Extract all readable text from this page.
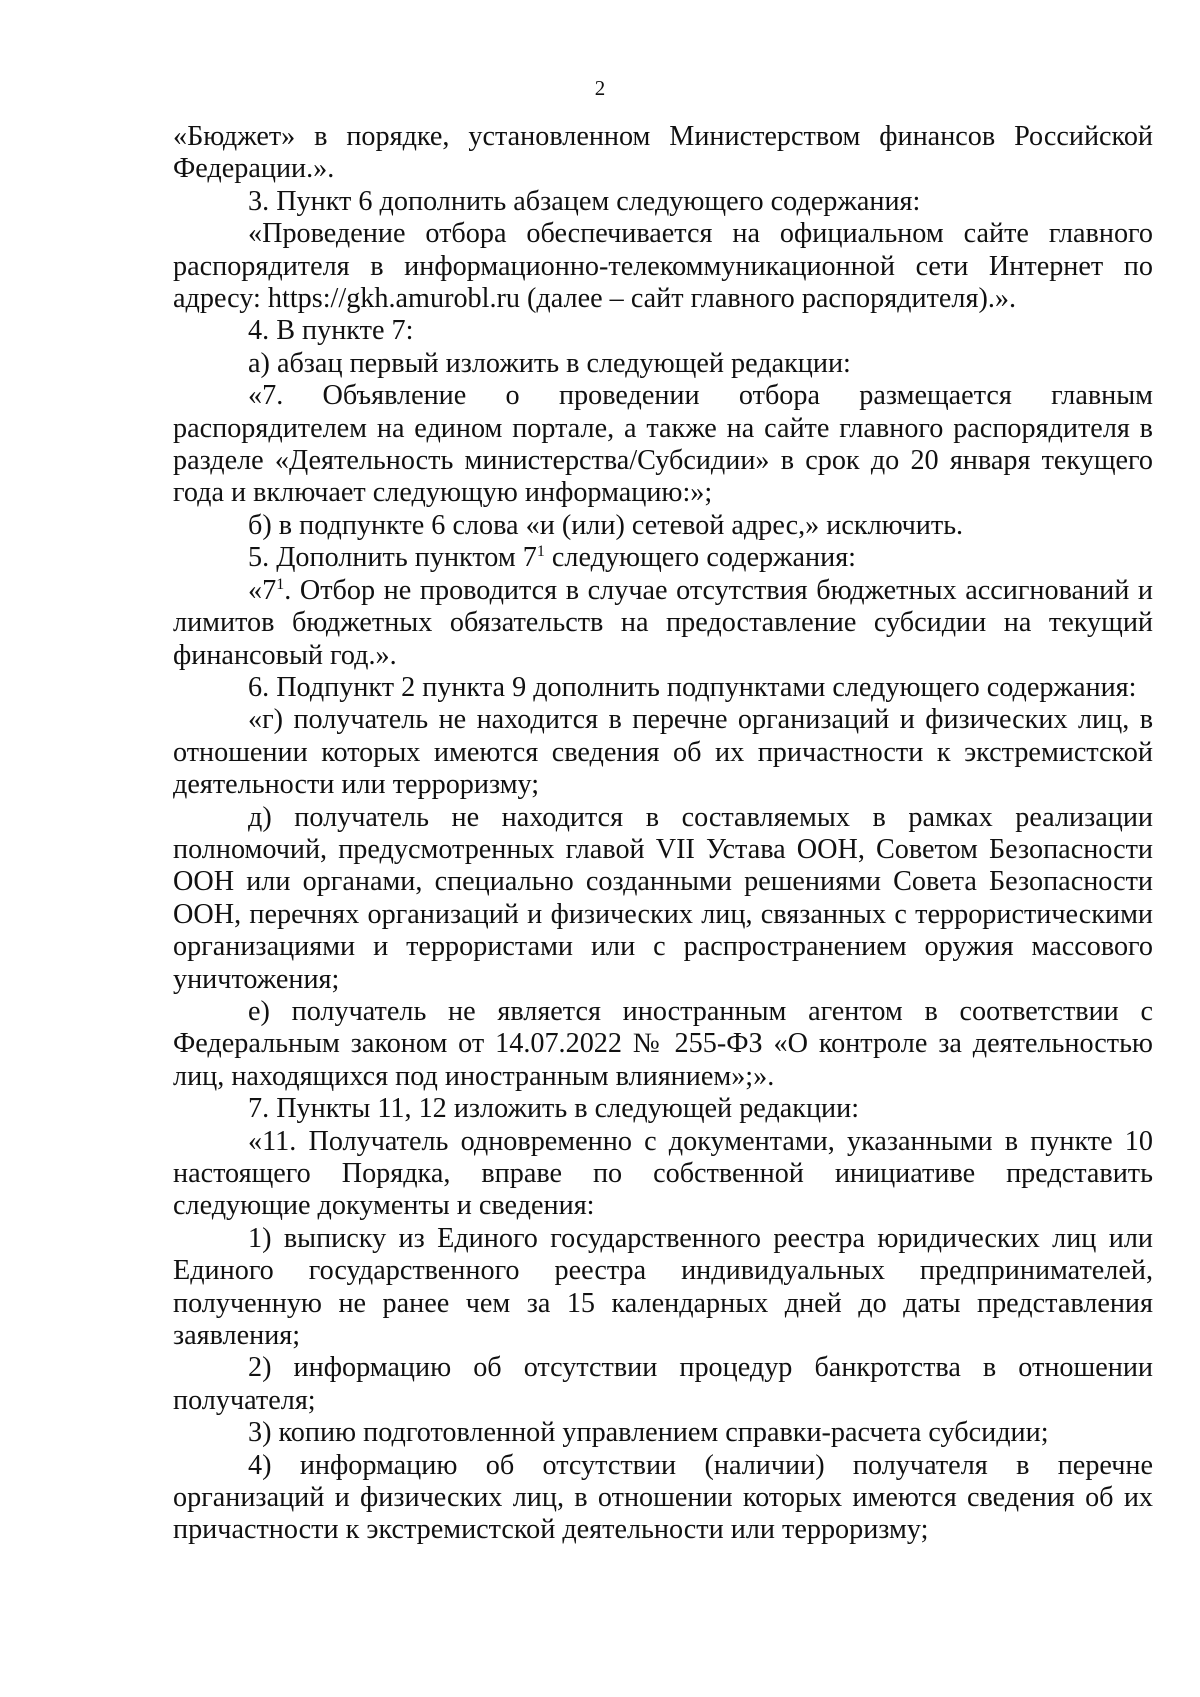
2

«Бюджет» в порядке, установленном Министерством финансов Российской Федерации.».

3. Пункт 6 дополнить абзацем следующего содержания:

«Проведение отбора обеспечивается на официальном сайте главного распорядителя в информационно-телекоммуникационной сети Интернет по адресу: https://gkh.amurobl.ru (далее – сайт главного распорядителя).».

4. В пункте 7:

а) абзац первый изложить в следующей редакции:

«7. Объявление о проведении отбора размещается главным распорядителем на едином портале, а также на сайте главного распорядителя в разделе «Деятельность министерства/Субсидии» в срок до 20 января текущего года и включает следующую информацию:»;

б) в подпункте 6 слова «и (или) сетевой адрес,» исключить.

5. Дополнить пунктом $7^1$ следующего содержания:

«$7^1$. Отбор не проводится в случае отсутствия бюджетных ассигнований и лимитов бюджетных обязательств на предоставление субсидии на текущий финансовый год.».

6. Подпункт 2 пункта 9 дополнить подпунктами следующего содержания:

«г) получатель не находится в перечне организаций и физических лиц, в отношении которых имеются сведения об их причастности к экстремистской деятельности или терроризму;

д) получатель не находится в составляемых в рамках реализации полномочий, предусмотренных главой VII Устава ООН, Советом Безопасности ООН или органами, специально созданными решениями Совета Безопасности ООН, перечнях организаций и физических лиц, связанных с террористическими организациями и террористами или с распространением оружия массового уничтожения;

е) получатель не является иностранным агентом в соответствии с Федеральным законом от 14.07.2022 № 255-ФЗ «О контроле за деятельностью лиц, находящихся под иностранным влиянием»;».

7. Пункты 11, 12 изложить в следующей редакции:

«11. Получатель одновременно с документами, указанными в пункте 10 настоящего Порядка, вправе по собственной инициативе представить следующие документы и сведения:

1) выписку из Единого государственного реестра юридических лиц или Единого государственного реестра индивидуальных предпринимателей, полученную не ранее чем за 15 календарных дней до даты представления заявления;

2) информацию об отсутствии процедур банкротства в отношении получателя;

3) копию подготовленной управлением справки-расчета субсидии;

4) информацию об отсутствии (наличии) получателя в перечне организаций и физических лиц, в отношении которых имеются сведения об их причастности к экстремистской деятельности или терроризму;
